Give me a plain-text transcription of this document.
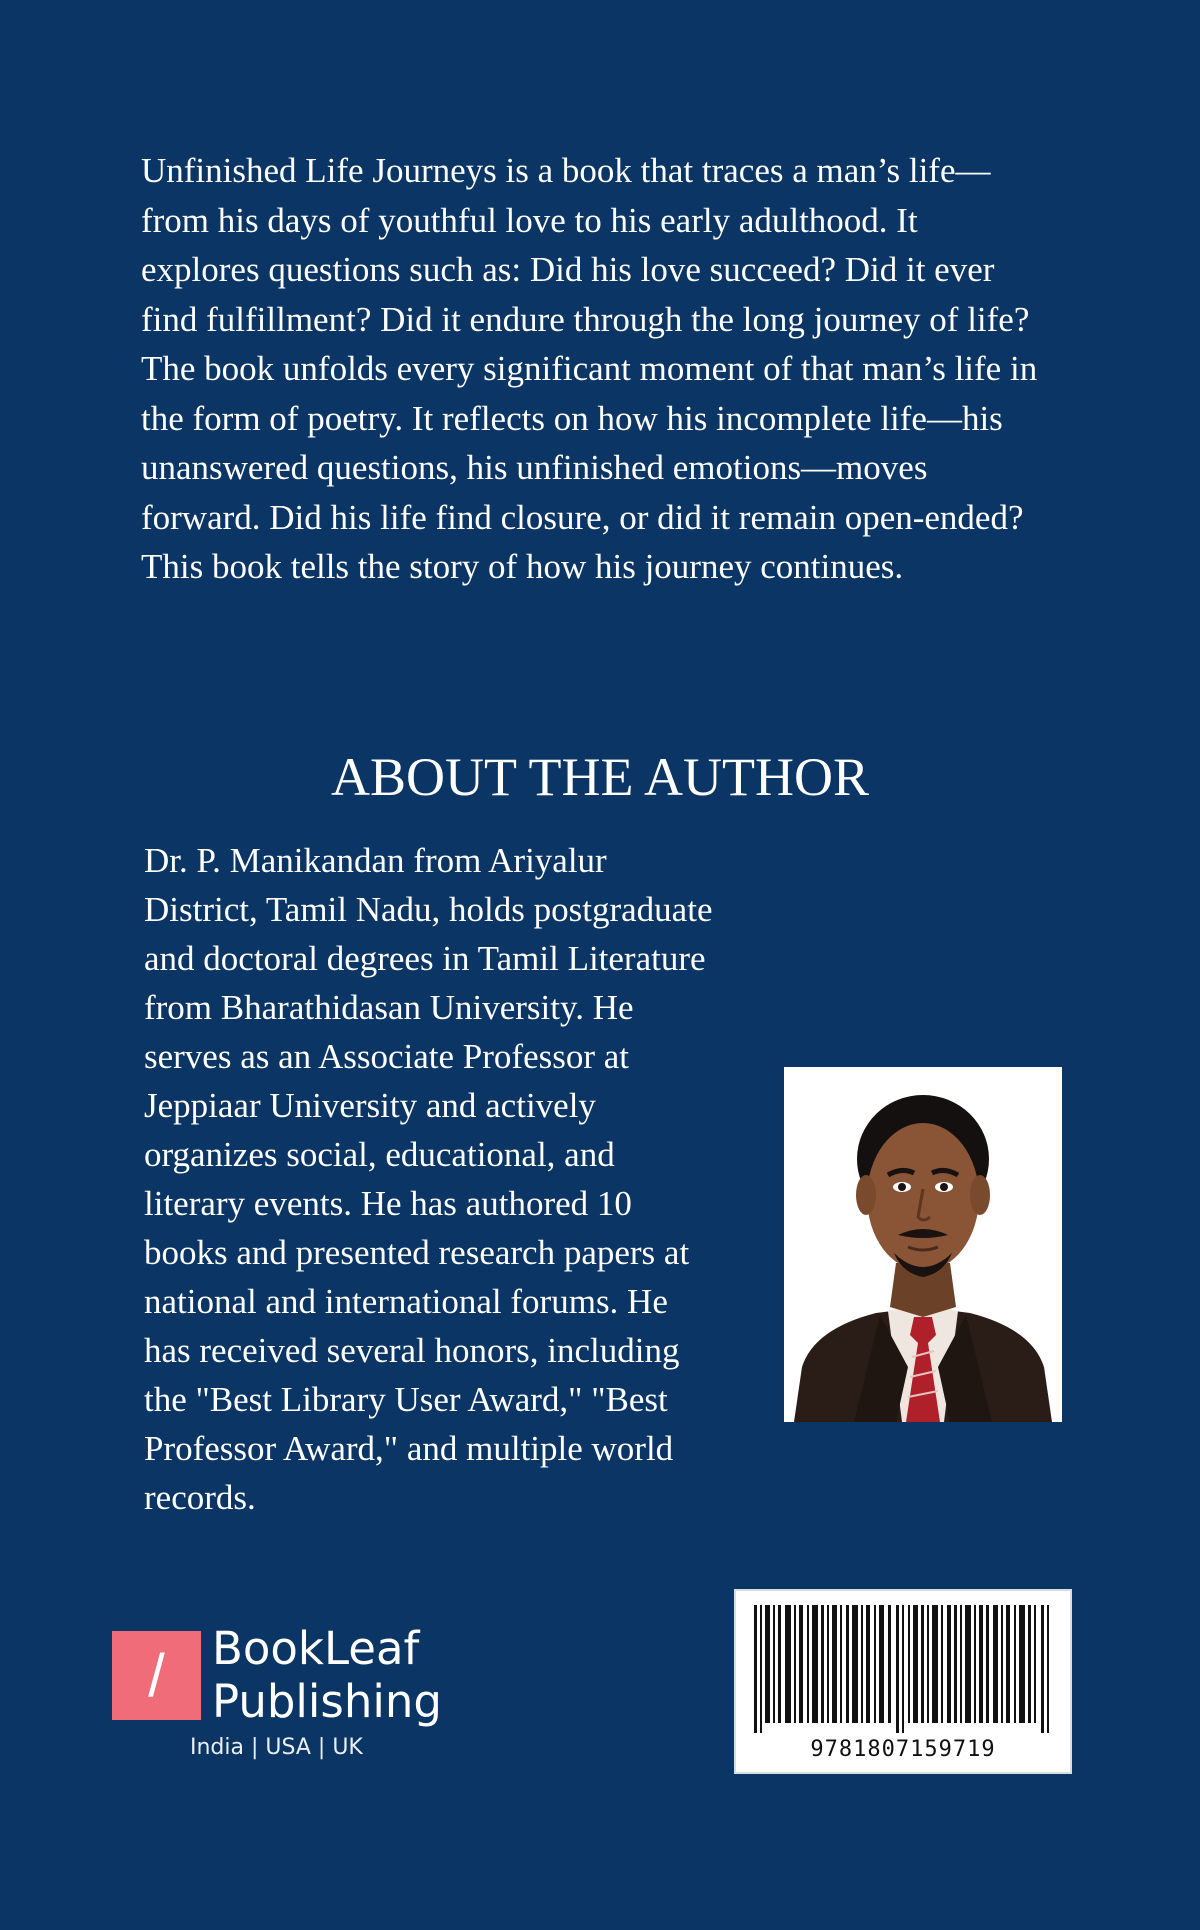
Unfinished Life Journeys is a book that traces a man’s life—from his days of youthful love to his early adulthood. It explores questions such as: Did his love succeed? Did it ever find fulfillment? Did it endure through the long journey of life?

The book unfolds every significant moment of that man’s life in the form of poetry. It reflects on how his incomplete life—his unanswered questions, his unfinished emotions—moves forward. Did his life find closure, or did it remain open-ended? This book tells the story of how his journey continues.

ABOUT THE AUTHOR

Dr. P. Manikandan from Ariyalur District, Tamil Nadu, holds postgraduate and doctoral degrees in Tamil Literature from Bharathidasan University. He serves as an Associate Professor at Jeppiaar University and actively organizes social, educational, and literary events. He has authored 10 books and presented research papers at national and international forums. He has received several honors, including the "Best Library User Award," "Best Professor Award," and multiple world records.

9781807159719
/	BookLeaf
Publishing
India | USA | UK
